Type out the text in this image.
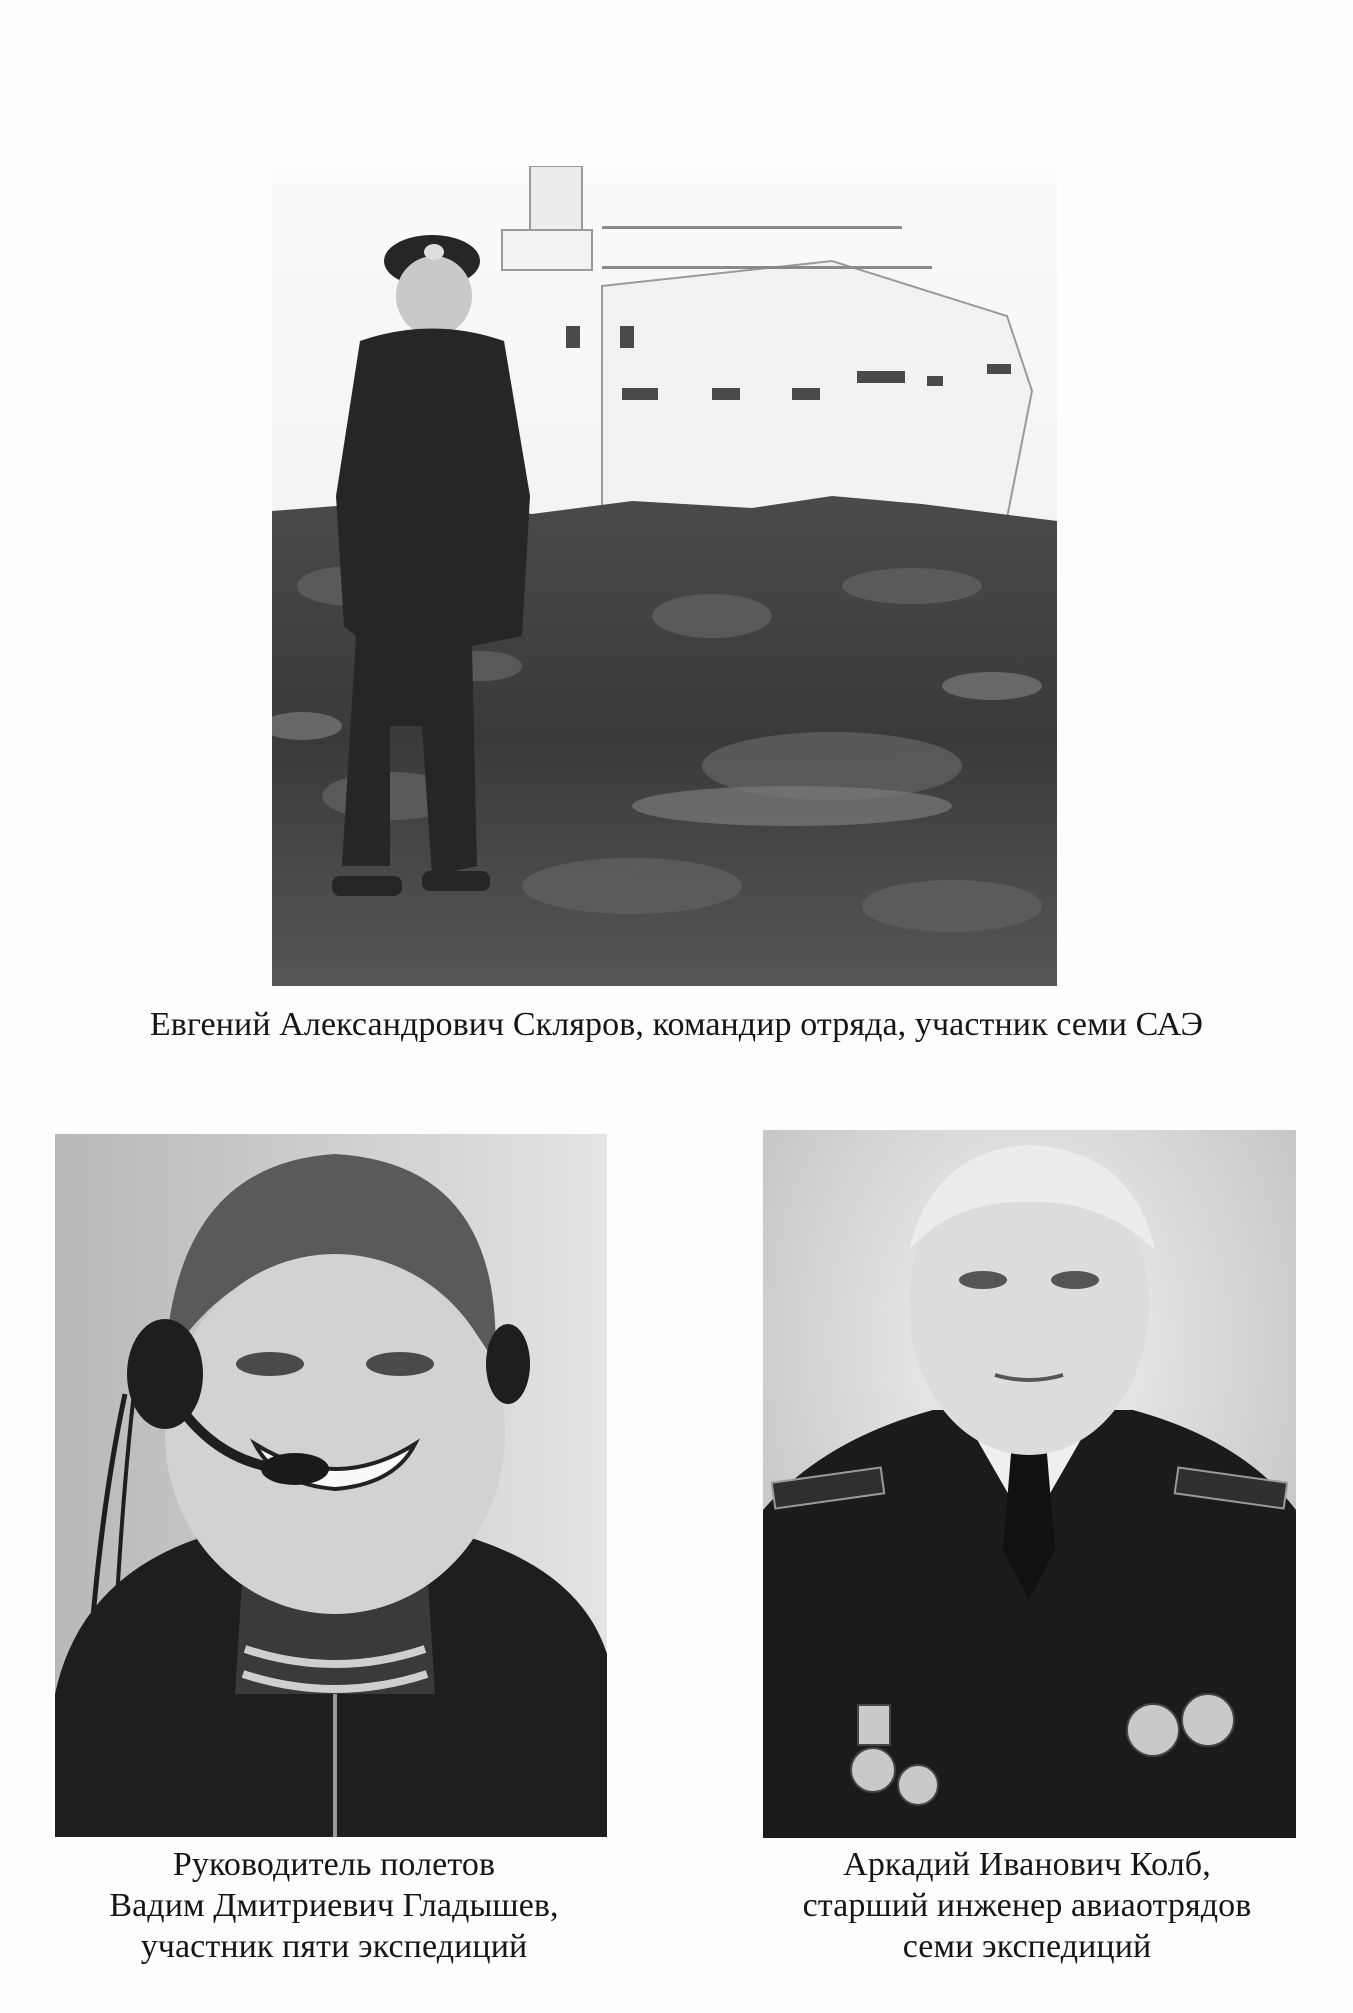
Евгений Александрович Скляров, командир отряда, участник семи САЭ
Руководитель полетов
Вадим Дмитриевич Гладышев,
участник пяти экспедиций
Аркадий Иванович Колб,
старший инженер авиаотрядов
семи экспедиций
